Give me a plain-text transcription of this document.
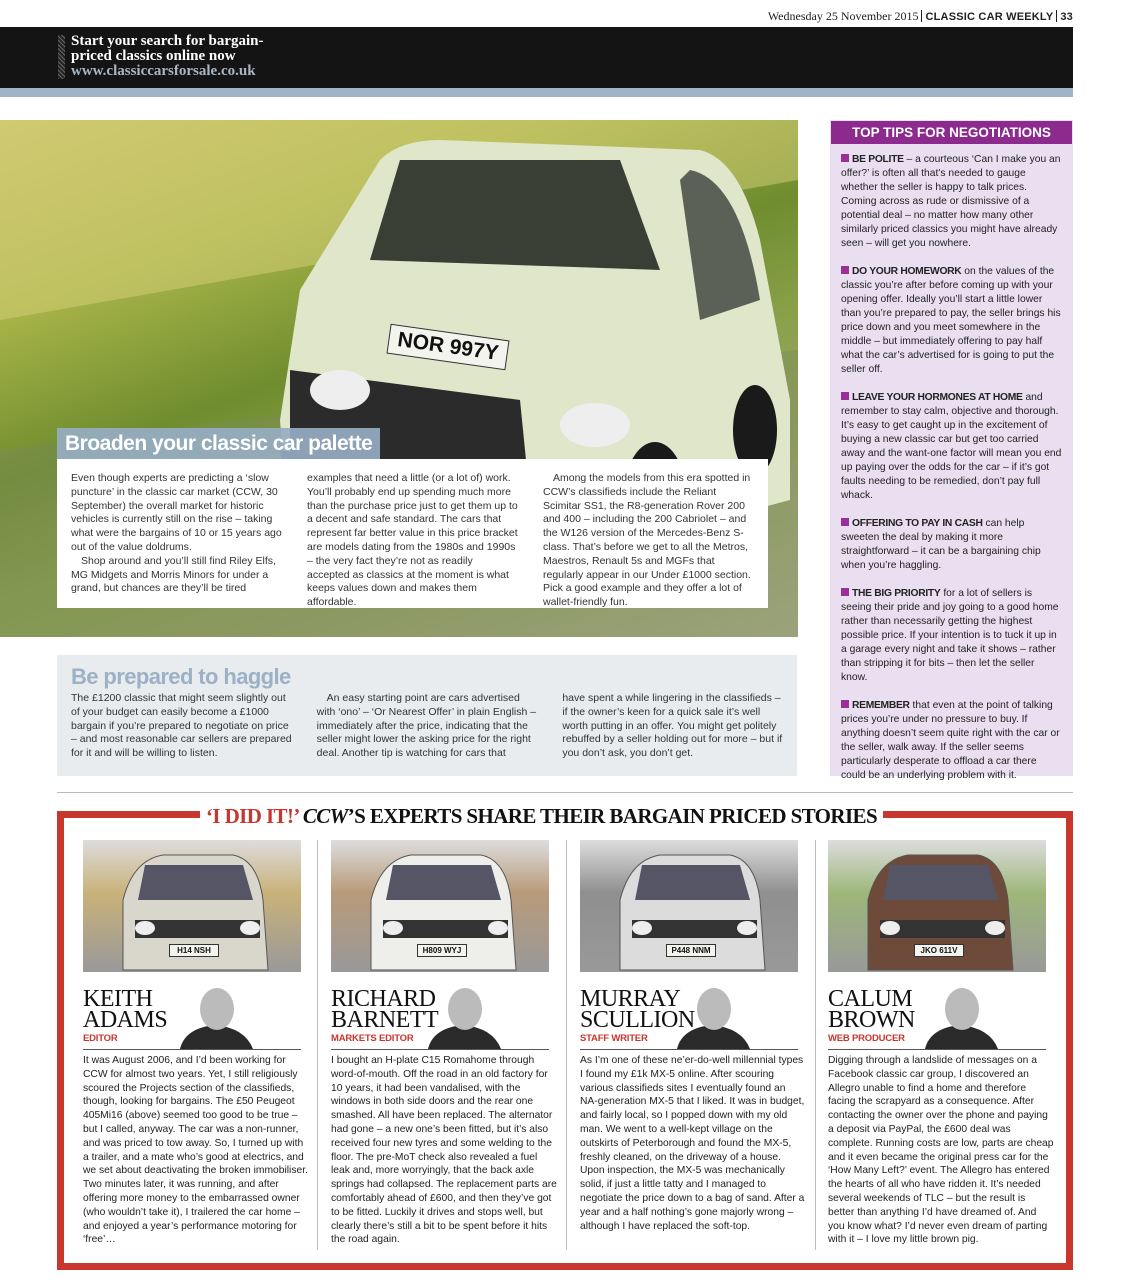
Wednesday 25 November 2015 CLASSIC CAR WEEKLY 33
Start your search for bargain-
priced classics online now
www.classiccarsforsale.co.uk
NOR 997Y
Broaden your classic car palette

Even though experts are predicting a ‘slow puncture’ in the classic car market (CCW, 30 September) the overall market for historic vehicles is currently still on the rise – taking what were the bargains of 10 or 15 years ago out of the value doldrums.

Shop around and you’ll still find Riley Elfs, MG Midgets and Morris Minors for under a grand, but chances are they’ll be tired

examples that need a little (or a lot of) work. You’ll probably end up spending much more than the purchase price just to get them up to a decent and safe standard. The cars that represent far better value in this price bracket are models dating from the 1980s and 1990s – the very fact they’re not as readily accepted as classics at the moment is what keeps values down and makes them affordable.

Among the models from this era spotted in CCW’s classifieds include the Reliant Scimitar SS1, the R8-generation Rover 200 and 400 – including the 200 Cabriolet – and the W126 version of the Mercedes-Benz S-class. That’s before we get to all the Metros, Maestros, Renault 5s and MGFs that regularly appear in our Under £1000 section. Pick a good example and they offer a lot of wallet-friendly fun.

Be prepared to haggle
The £1200 classic that might seem slightly out of your budget can easily become a £1000 bargain if you’re prepared to negotiate on price – and most reasonable car sellers are prepared for it and will be willing to listen.
An easy starting point are cars advertised with ‘ono’ – ‘Or Nearest Offer’ in plain English – immediately after the price, indicating that the seller might lower the asking price for the right deal. Another tip is watching for cars that
have spent a while lingering in the classifieds – if the owner’s keen for a quick sale it’s well worth putting in an offer. You might get politely rebuffed by a seller holding out for more – but if you don’t ask, you don’t get.
TOP TIPS FOR NEGOTIATIONS
BE POLITE – a courteous ‘Can I make you an offer?’ is often all that’s needed to gauge whether the seller is happy to talk prices. Coming across as rude or dismissive of a potential deal – no matter how many other similarly priced classics you might have already seen – will get you nowhere.
DO YOUR HOMEWORK on the values of the classic you’re after before coming up with your opening offer. Ideally you’ll start a little lower than you’re prepared to pay, the seller brings his price down and you meet somewhere in the middle – but immediately offering to pay half what the car’s advertised for is going to put the seller off.
LEAVE YOUR HORMONES AT HOME and remember to stay calm, objective and thorough. It’s easy to get caught up in the excitement of buying a new classic car but get too carried away and the want-one factor will mean you end up paying over the odds for the car – if it’s got faults needing to be remedied, don’t pay full whack.
OFFERING TO PAY IN CASH can help sweeten the deal by making it more straightforward – it can be a bargaining chip when you’re haggling.
THE BIG PRIORITY for a lot of sellers is seeing their pride and joy going to a good home rather than necessarily getting the highest possible price. If your intention is to tuck it up in a garage every night and take it shows – rather than stripping it for bits – then let the seller know.
REMEMBER that even at the point of talking prices you’re under no pressure to buy. If anything doesn’t seem quite right with the car or the seller, walk away. If the seller seems particularly desperate to offload a car there could be an underlying problem with it.
‘I DID IT!’ CCW’S EXPERTS SHARE THEIR BARGAIN PRICED STORIES
H14 NSH
KEITH
ADAMS
EDITOR
It was August 2006, and I’d been working for CCW for almost two years. Yet, I still religiously scoured the Projects section of the classifieds, though, looking for bargains. The £50 Peugeot 405Mi16 (above) seemed too good to be true – but I called, anyway. The car was a non-runner, and was priced to tow away. So, I turned up with a trailer, and a mate who’s good at electrics, and we set about deactivating the broken immobiliser. Two minutes later, it was running, and after offering more money to the embarrassed owner (who wouldn’t take it), I trailered the car home – and enjoyed a year’s performance motoring for ‘free’…
H809 WYJ
RICHARD
BARNETT
MARKETS EDITOR
I bought an H-plate C15 Romahome through word-of-mouth. Off the road in an old factory for 10 years, it had been vandalised, with the windows in both side doors and the rear one smashed. All have been replaced. The alternator had gone – a new one’s been fitted, but it’s also received four new tyres and some welding to the floor. The pre-MoT check also revealed a fuel leak and, more worryingly, that the back axle springs had collapsed. The replacement parts are comfortably ahead of £600, and then they’ve got to be fitted. Luckily it drives and stops well, but clearly there’s still a bit to be spent before it hits the road again.
P448 NNM
MURRAY
SCULLION
STAFF WRITER
As I’m one of these ne’er-do-well millennial types I found my £1k MX-5 online. After scouring various classifieds sites I eventually found an NA-generation MX-5 that I liked. It was in budget, and fairly local, so I popped down with my old man. We went to a well-kept village on the outskirts of Peterborough and found the MX-5, freshly cleaned, on the driveway of a house. Upon inspection, the MX-5 was mechanically solid, if just a little tatty and I managed to negotiate the price down to a bag of sand. After a year and a half nothing’s gone majorly wrong – although I have replaced the soft-top.
JKO 611V
CALUM
BROWN
WEB PRODUCER
Digging through a landslide of messages on a Facebook classic car group, I discovered an Allegro unable to find a home and therefore facing the scrapyard as a consequence. After contacting the owner over the phone and paying a deposit via PayPal, the £600 deal was complete. Running costs are low, parts are cheap and it even became the original press car for the ‘How Many Left?’ event. The Allegro has entered the hearts of all who have ridden it. It’s needed several weekends of TLC – but the result is better than anything I’d have dreamed of. And you know what? I’d never even dream of parting with it – I love my little brown pig.
